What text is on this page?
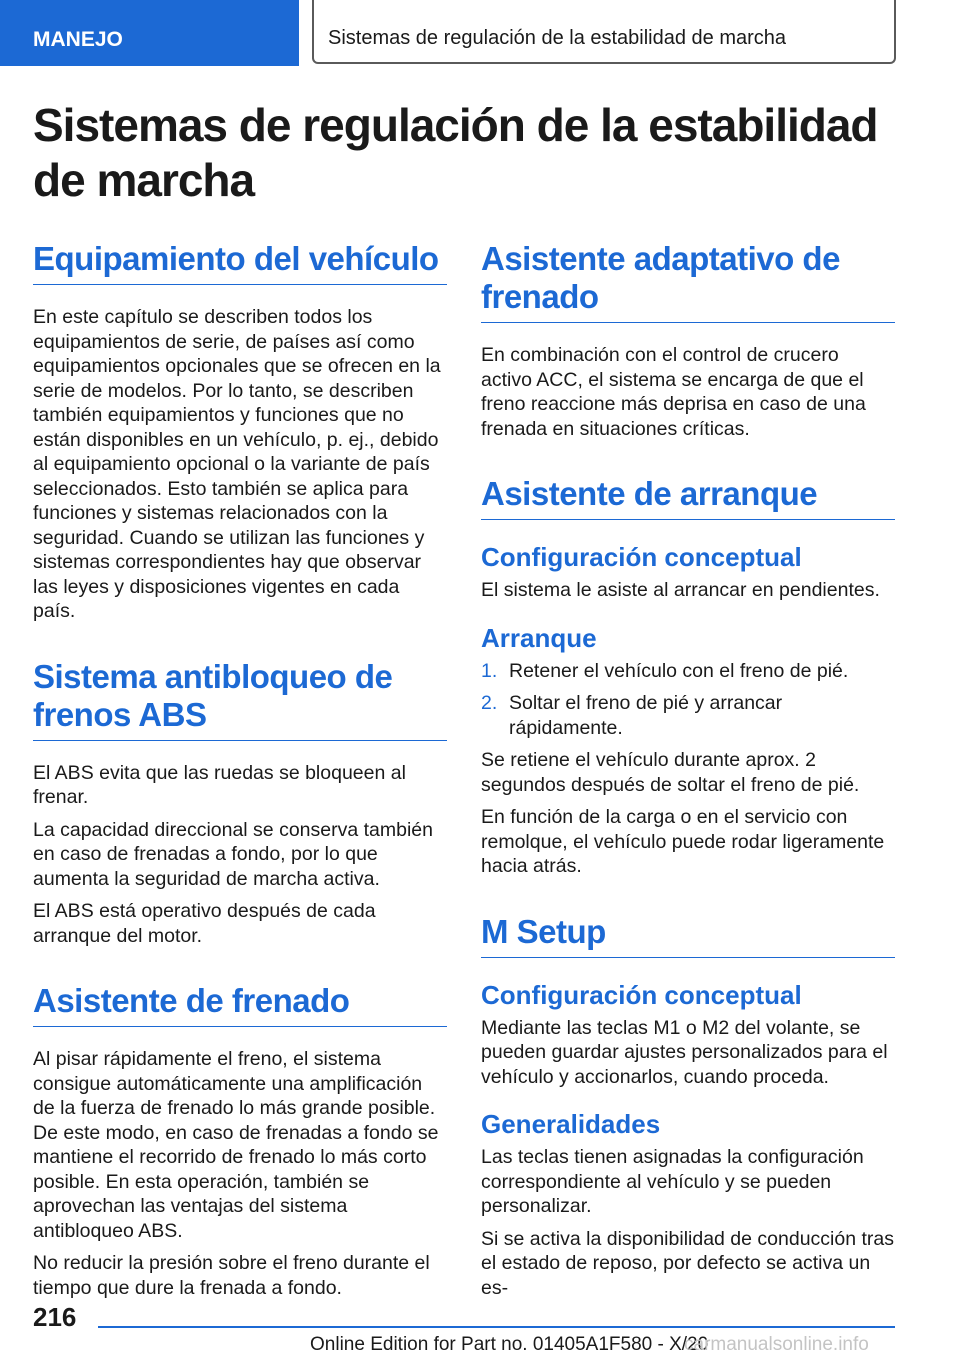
MANEJO	Sistemas de regulación de la estabilidad de marcha
Sistemas de regulación de la estabilidad de marcha
Equipamiento del vehículo

En este capítulo se describen todos los equipamientos de serie, de países así como equipamientos opcionales que se ofrecen en la serie de modelos. Por lo tanto, se describen también equipamientos y funciones que no están disponibles en un vehículo, p. ej., debido al equipamiento opcional o la variante de país seleccionados. Esto también se aplica para funciones y sistemas relacionados con la seguridad. Cuando se utilizan las funciones y sistemas correspondientes hay que observar las leyes y disposiciones vigentes en cada país.

Sistema antibloqueo de frenos ABS

El ABS evita que las ruedas se bloqueen al frenar.

La capacidad direccional se conserva también en caso de frenadas a fondo, por lo que aumenta la seguridad de marcha activa.

El ABS está operativo después de cada arranque del motor.

Asistente de frenado

Al pisar rápidamente el freno, el sistema consigue automáticamente una amplificación de la fuerza de frenado lo más grande posible. De este modo, en caso de frenadas a fondo se mantiene el recorrido de frenado lo más corto posible. En esta operación, también se aprovechan las ventajas del sistema antibloqueo ABS.

No reducir la presión sobre el freno durante el tiempo que dure la frenada a fondo.

Asistente adaptativo de frenado

En combinación con el control de crucero activo ACC, el sistema se encarga de que el freno reaccione más deprisa en caso de una frenada en situaciones críticas.

Asistente de arranque
Configuración conceptual

El sistema le asiste al arrancar en pendientes.

Arranque
1. Retener el vehículo con el freno de pié.
2. Soltar el freno de pié y arrancar rápidamente.

Se retiene el vehículo durante aprox. 2 segundos después de soltar el freno de pié.

En función de la carga o en el servicio con remolque, el vehículo puede rodar ligeramente hacia atrás.

M Setup
Configuración conceptual

Mediante las teclas M1 o M2 del volante, se pueden guardar ajustes personalizados para el vehículo y accionarlos, cuando proceda.

Generalidades

Las teclas tienen asignadas la configuración correspondiente al vehículo y se pueden personalizar.

Si se activa la disponibilidad de conducción tras el estado de reposo, por defecto se activa un es-

216
Online Edition for Part no. 01405A1F580 - X/20
carmanualsonline.info
